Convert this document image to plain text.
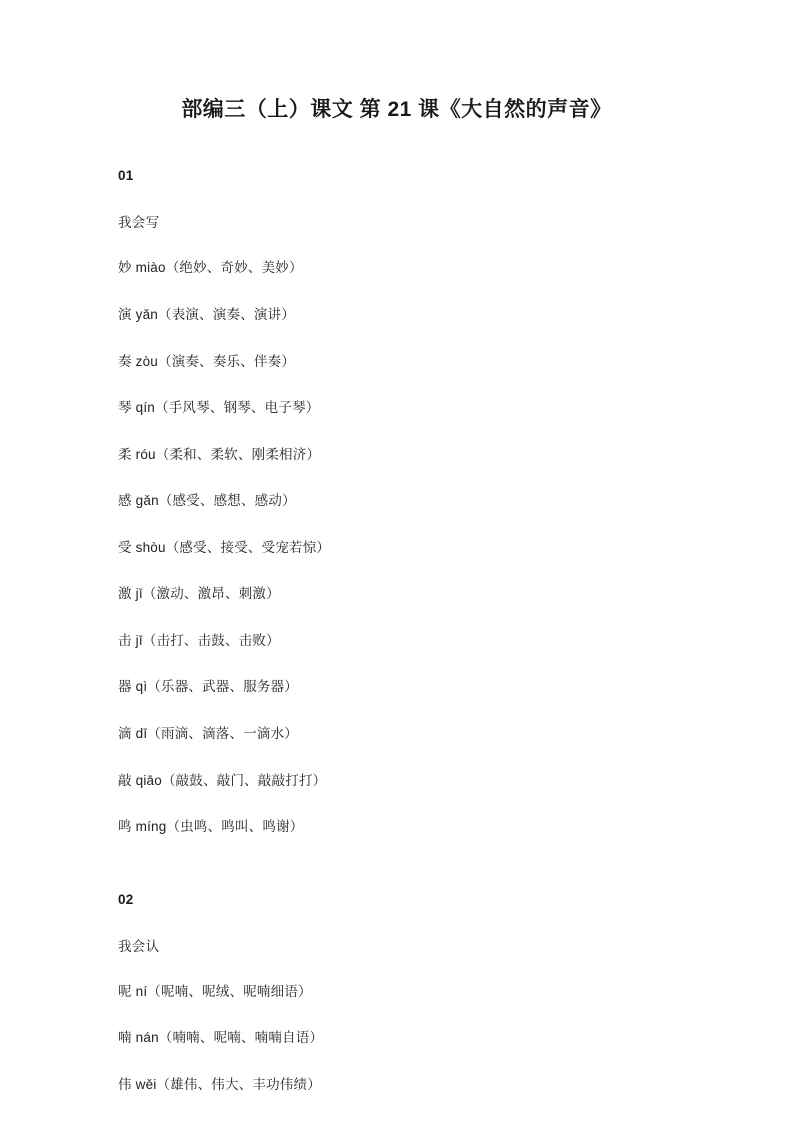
部编三（上）课文 第 21 课《大自然的声音》
01
我会写
妙 miào（绝妙、奇妙、美妙）
演 yǎn（表演、演奏、演讲）
奏 zòu（演奏、奏乐、伴奏）
琴 qín（手风琴、钢琴、电子琴）
柔 róu（柔和、柔软、刚柔相济）
感 gǎn（感受、感想、感动）
受 shòu（感受、接受、受宠若惊）
激 jī（激动、激昂、刺激）
击 jī（击打、击鼓、击败）
器 qì（乐器、武器、服务器）
滴 dī（雨滴、滴落、一滴水）
敲 qiāo（敲鼓、敲门、敲敲打打）
鸣 míng（虫鸣、鸣叫、鸣谢）
02
我会认
呢 ní（呢喃、呢绒、呢喃细语）
喃 nán（喃喃、呢喃、喃喃自语）
伟 wěi（雄伟、伟大、丰功伟绩）
